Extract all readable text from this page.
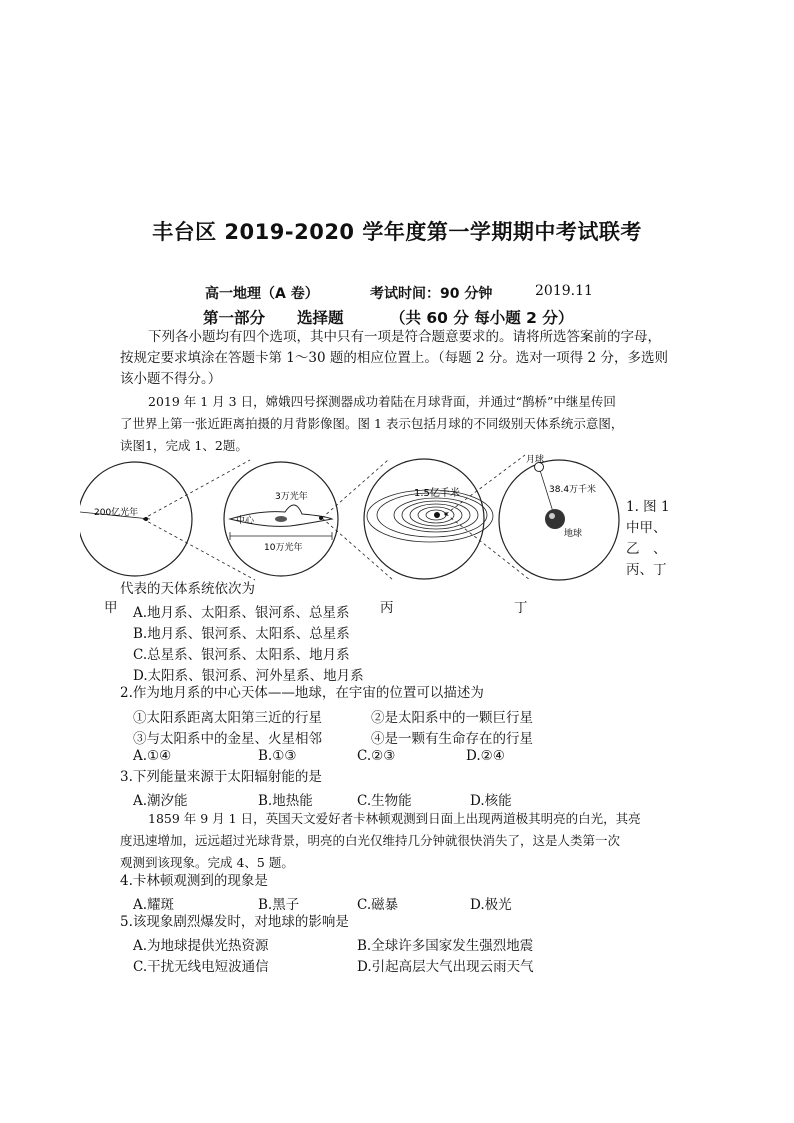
丰台区 2019-2020 学年度第一学期期中考试联考
高一地理（A 卷）	考试时间：90 分钟	2019.11
第一部分 选择题	（共 60 分 每小题 2 分）
下列各小题均有四个选项，其中只有一项是符合题意要求的。请将所选答案前的字母，
按规定要求填涂在答题卡第 1～30 题的相应位置上。（每题 2 分。选对一项得 2 分，多选则
该小题不得分。）
2019 年 1 月 3 日，嫦娥四号探测器成功着陆在月球背面，并通过“鹊桥”中继星传回
了世界上第一张近距离拍摄的月背影像图。图 1 表示包括月球的不同级别天体系统示意图，
读图1，完成 1、2题。
200亿光年
3万光年
中心
10万光年
1.5亿千米
月球
38.4万千米
地球
1. 图 1
中甲、
乙　、
丙、丁
代表的天体系统依次为
甲	丙	丁
A.地月系、太阳系、银河系、总星系
B.地月系、银河系、太阳系、总星系
C.总星系、银河系、太阳系、地月系
D.太阳系、银河系、河外星系、地月系
2.作为地月系的中心天体——地球，在宇宙的位置可以描述为
①太阳系距离太阳第三近的行星	②是太阳系中的一颗巨行星
③与太阳系中的金星、火星相邻	④是一颗有生命存在的行星
A.①④	B.①③	C.②③	D.②④
3.下列能量来源于太阳辐射能的是
A.潮汐能	B.地热能	C.生物能	D.核能
1859 年 9 月 1 日，英国天文爱好者卡林顿观测到日面上出现两道极其明亮的白光，其亮
度迅速增加，远远超过光球背景，明亮的白光仅维持几分钟就很快消失了，这是人类第一次
观测到该现象。完成 4、5 题。
4.卡林顿观测到的现象是
A.耀斑	B.黑子	C.磁暴	D.极光
5.该现象剧烈爆发时，对地球的影响是
A.为地球提供光热资源	B.全球许多国家发生强烈地震
C.干扰无线电短波通信	D.引起高层大气出现云雨天气
